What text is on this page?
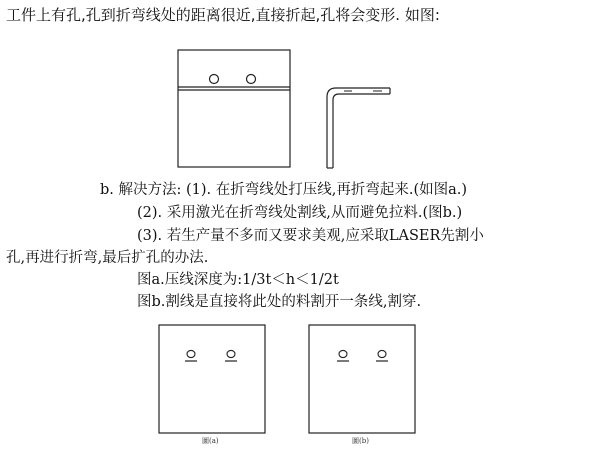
工件上有孔,孔到折弯线处的距离很近,直接折起,孔将会变形. 如图:
b. 解决方法: (1). 在折弯线处打压线,再折弯起来.(如图a.)
(2). 采用激光在折弯线处割线,从而避免拉料.(图b.)
(3). 若生产量不多而又要求美观,应采取LASER先割小
孔,再进行折弯,最后扩孔的办法.
图a.压线深度为:1/3t＜h＜1/2t
图b.割线是直接将此处的料割开一条线,割穿.
圖(a)	圖(b)
